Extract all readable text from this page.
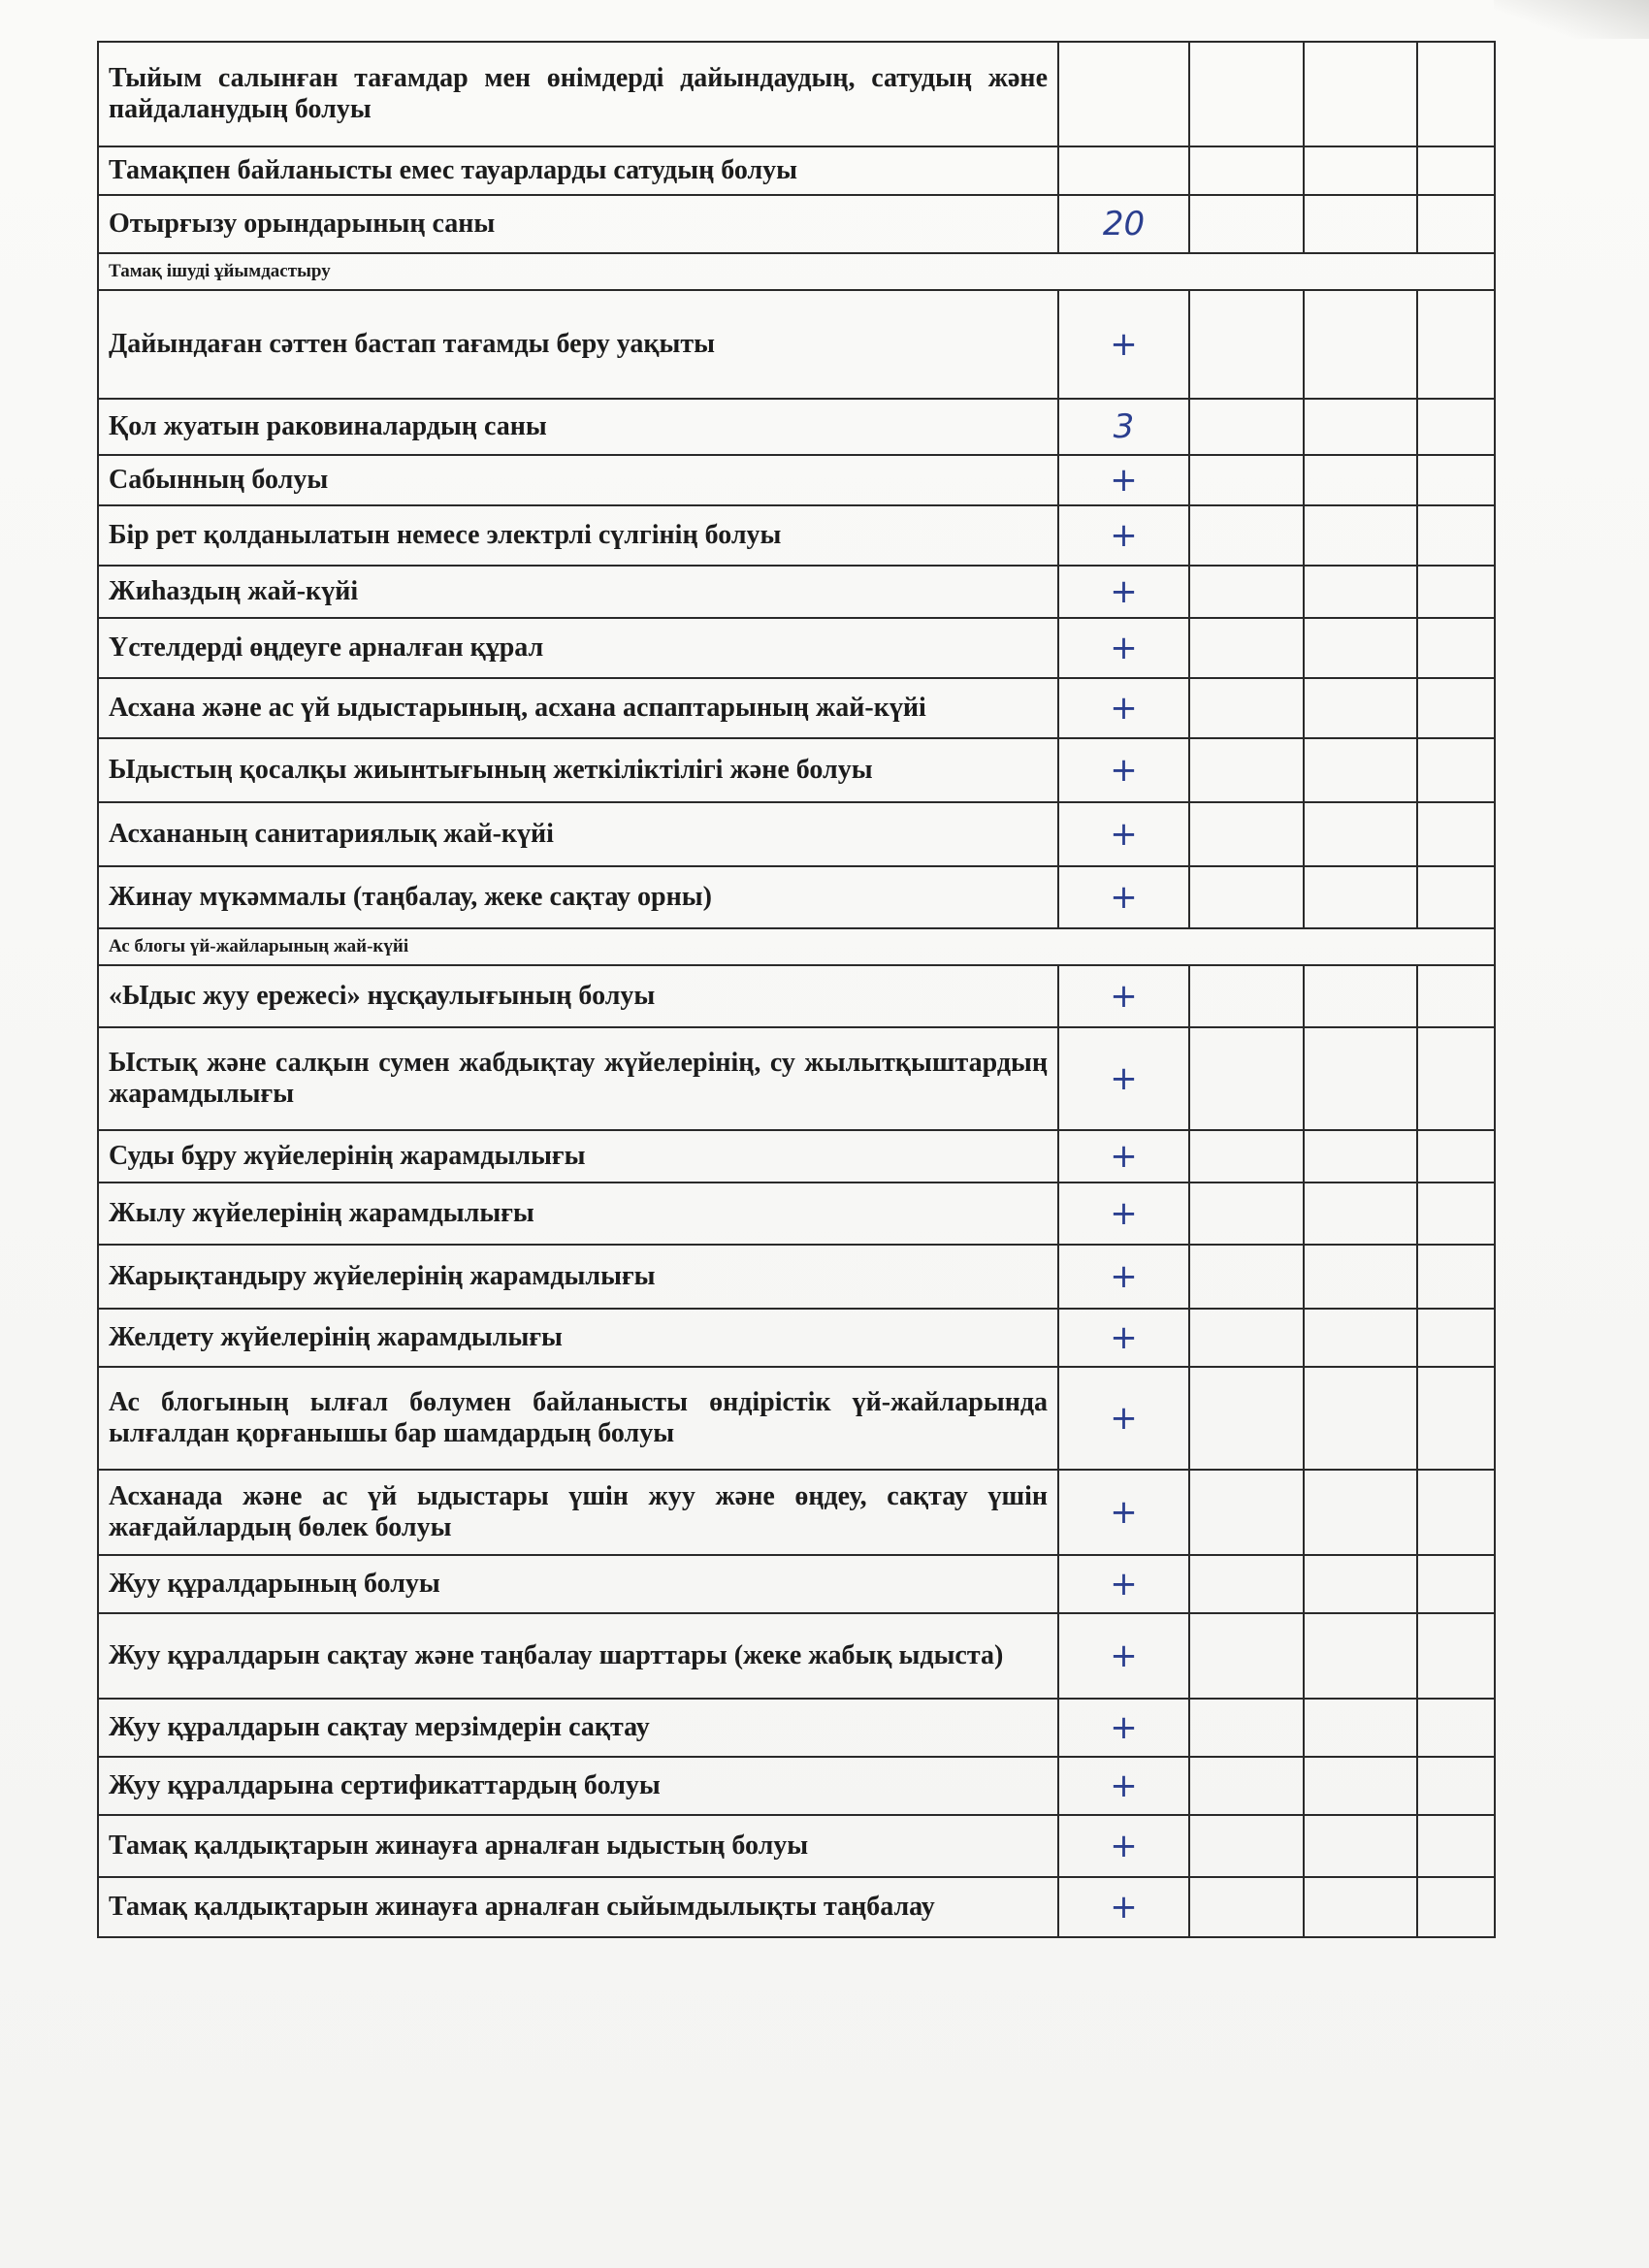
Тыйым салынған тағамдар мен өнімдерді дайындаудың, сатудың және пайдаланудың болуы				
Тамақпен байланысты емес тауарларды сатудың болуы				
Отырғызу орындарының саны	20			
Тамақ ішуді ұйымдастыру				
Дайындаған сәттен бастап тағамды беру уақыты	+			
Қол жуатын раковиналардың саны	3			
Сабынның болуы	+			
Бір рет қолданылатын немесе электрлі сүлгінің болуы	+			
Жиһаздың жай-күйі	+			
Үстелдерді өңдеуге арналған құрал	+			
Асхана және ас үй ыдыстарының, асхана аспаптарының жай-күйі	+			
Ыдыстың қосалқы жиынтығының жеткіліктілігі және болуы	+			
Асхананың санитариялық жай-күйі	+			
Жинау мүкәммалы (таңбалау, жеке сақтау орны)	+			
Ас блогы үй-жайларының жай-күйі				
«Ыдыс жуу ережесі» нұсқаулығының болуы	+			
Ыстық және салқын сумен жабдықтау жүйелерінің, су жылытқыштардың жарамдылығы	+			
Суды бұру жүйелерінің жарамдылығы	+			
Жылу жүйелерінің жарамдылығы	+			
Жарықтандыру жүйелерінің жарамдылығы	+			
Желдету жүйелерінің жарамдылығы	+			
Ас блогының ылғал бөлумен байланысты өндірістік үй-жайларында ылғалдан қорғанышы бар шамдардың болуы	+			
Асханада және ас үй ыдыстары үшін жуу және өңдеу, сақтау үшін жағдайлардың бөлек болуы	+			
Жуу құралдарының болуы	+			
Жуу құралдарын сақтау және таңбалау шарттары (жеке жабық ыдыста)	+			
Жуу құралдарын сақтау мерзімдерін сақтау	+			
Жуу құралдарына сертификаттардың болуы	+			
Тамақ қалдықтарын жинауға арналған ыдыстың болуы	+			
Тамақ қалдықтарын жинауға арналған сыйымдылықты таңбалау	+			
